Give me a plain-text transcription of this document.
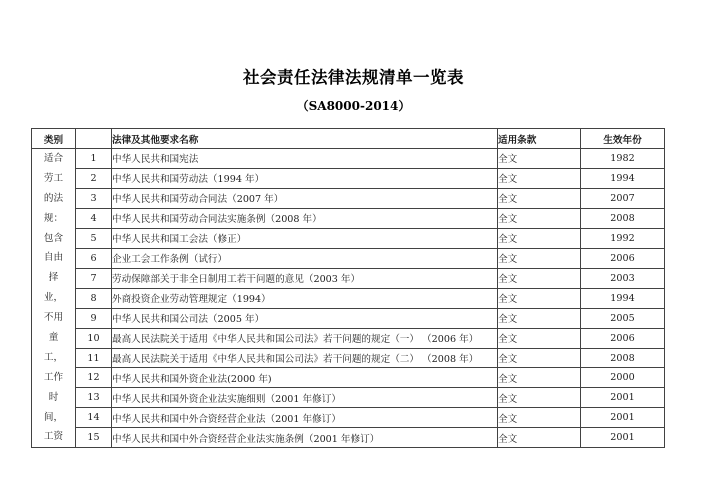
社会责任法律法规清单一览表
（SA8000-2014）
类别		法律及其他要求名称	适用条款	生效年份

适合
劳工
的法
规：
包含
自由
择
业，
不用
童
工，
工作
时
间，
工资
	1	中华人民共和国宪法	全文	1982
	2	中华人民共和国劳动法（1994 年）	全文	1994
	3	中华人民共和国劳动合同法（2007 年）	全文	2007
	4	中华人民共和国劳动合同法实施条例（2008 年）	全文	2008
	5	中华人民共和国工会法（修正）	全文	1992
	6	企业工会工作条例（试行）	全文	2006
	7	劳动保障部关于非全日制用工若干问题的意见（2003 年）	全文	2003
	8	外商投资企业劳动管理规定（1994）	全文	1994
	9	中华人民共和国公司法（2005 年）	全文	2005
	10	最高人民法院关于适用《中华人民共和国公司法》若干问题的规定（一） （2006 年）	全文	2006
	11	最高人民法院关于适用《中华人民共和国公司法》若干问题的规定（二） （2008 年）	全文	2008
	12	中华人民共和国外资企业法(2000 年)	全文	2000
	13	中华人民共和国外资企业法实施细则（2001 年修订）	全文	2001
	14	中华人民共和国中外合资经营企业法（2001 年修订）	全文	2001
	15	中华人民共和国中外合资经营企业法实施条例（2001 年修订）	全文	2001
